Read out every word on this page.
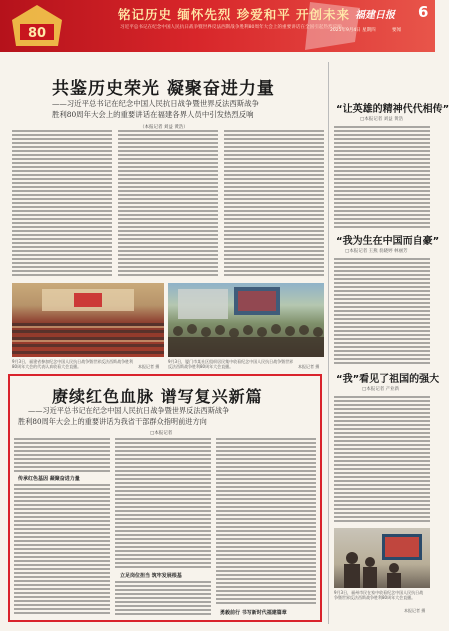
80
铭记历史 缅怀先烈 珍爱和平 开创未来
习近平总书记在纪念中国人民抗日战争暨世界反法西斯战争胜利80周年大会上的重要讲话在全国引起热烈反响
福建日报 6
2025年9月4日 星期四	要闻
共鉴历史荣光 凝聚奋进力量
——习近平总书记在纪念中国人民抗日战争暨世界反法西斯战争
胜利80周年大会上的重要讲话在福建各界人员中引发热烈反响
（本报记者 刘益 黄浩）
9月3日，福建省参加纪念中国人民抗日战争暨世界反法西斯战争胜利80周年大会的代表认真收看大会直播。	本报记者 摄
9月3日，厦门市某社区组织居民集中收看纪念中国人民抗日战争暨世界反法西斯战争胜利80周年大会直播。	本报记者 摄
“让英雄的精神代代相传”
□本报记者 刘益 黄浩
“我为生在中国而自豪”
□本报记者 王燕 翁晓婷 林丽芳
“我”看见了祖国的强大
□本报记者 产业新
9月3日，福州市民在家中收看纪念中国人民抗日战争暨世界反法西斯战争胜利80周年大会直播。
本报记者 摄
赓续红色血脉 谱写复兴新篇
——习近平总书记在纪念中国人民抗日战争暨世界反法西斯战争
胜利80周年大会上的重要讲话为我省干部群众指明前进方向
□本报记者
传承红色基因 凝聚奋进力量
立足岗位担当 筑牢发展根基
勇毅前行 书写新时代福建篇章
